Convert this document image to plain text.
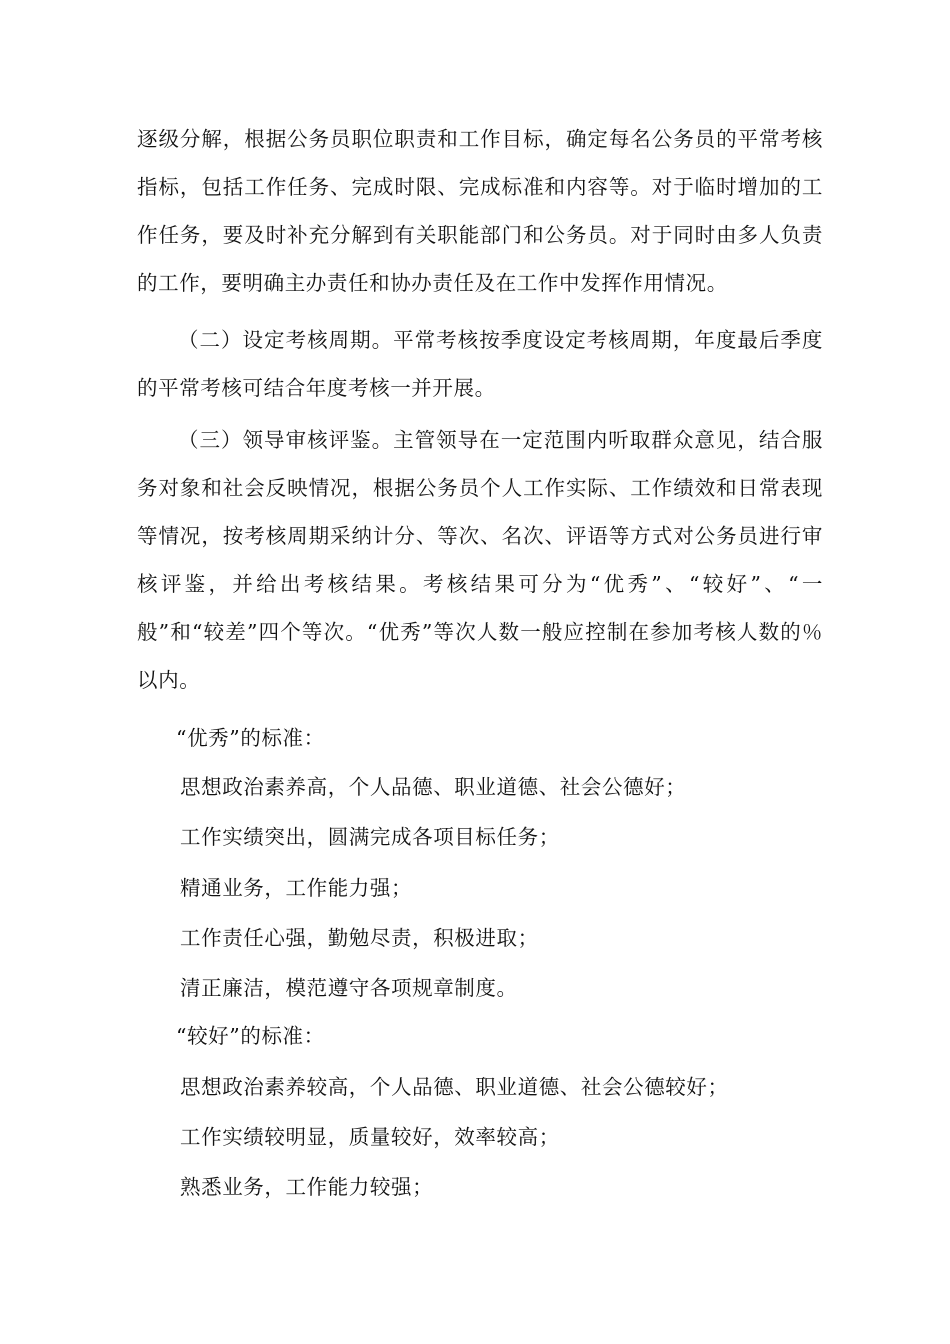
逐级分解，根据公务员职位职责和工作目标，确定每名公务员的平常考核指标，包括工作任务、完成时限、完成标准和内容等。对于临时增加的工作任务，要及时补充分解到有关职能部门和公务员。对于同时由多人负责的工作，要明确主办责任和协办责任及在工作中发挥作用情况。

（二）设定考核周期。平常考核按季度设定考核周期，年度最后季度的平常考核可结合年度考核一并开展。

（三）领导审核评鉴。主管领导在一定范围内听取群众意见，结合服务对象和社会反映情况，根据公务员个人工作实际、工作绩效和日常表现等情况，按考核周期采纳计分、等次、名次、评语等方式对公务员进行审核评鉴，并给出考核结果。考核结果可分为“优秀”、“较好”、“一般”和“较差”四个等次。“优秀”等次人数一般应控制在参加考核人数的％以内。

“优秀”的标准：

思想政治素养高，个人品德、职业道德、社会公德好；

工作实绩突出，圆满完成各项目标任务；

精通业务，工作能力强；

工作责任心强，勤勉尽责，积极进取；

清正廉洁，模范遵守各项规章制度。

“较好”的标准：

思想政治素养较高，个人品德、职业道德、社会公德较好；

工作实绩较明显，质量较好，效率较高；

熟悉业务，工作能力较强；
